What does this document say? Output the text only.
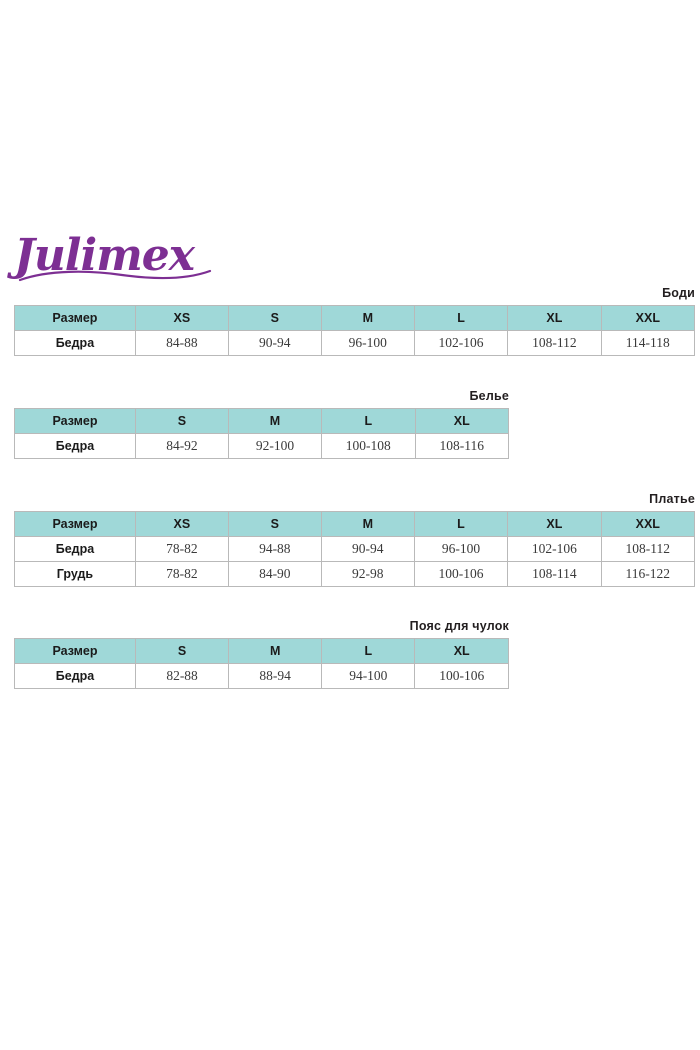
Julimex
Боди
Размер	XS	S	M	L	XL	XXL
Бедра	84-88	90-94	96-100	102-106	108-112	114-118
Белье
Размер	S	M	L	XL
Бедра	84-92	92-100	100-108	108-116
Платье
Размер	XS	S	M	L	XL	XXL
Бедра	78-82	94-88	90-94	96-100	102-106	108-112
Грудь	78-82	84-90	92-98	100-106	108-114	116-122
Пояс для чулок
Размер	S	M	L	XL
Бедра	82-88	88-94	94-100	100-106
